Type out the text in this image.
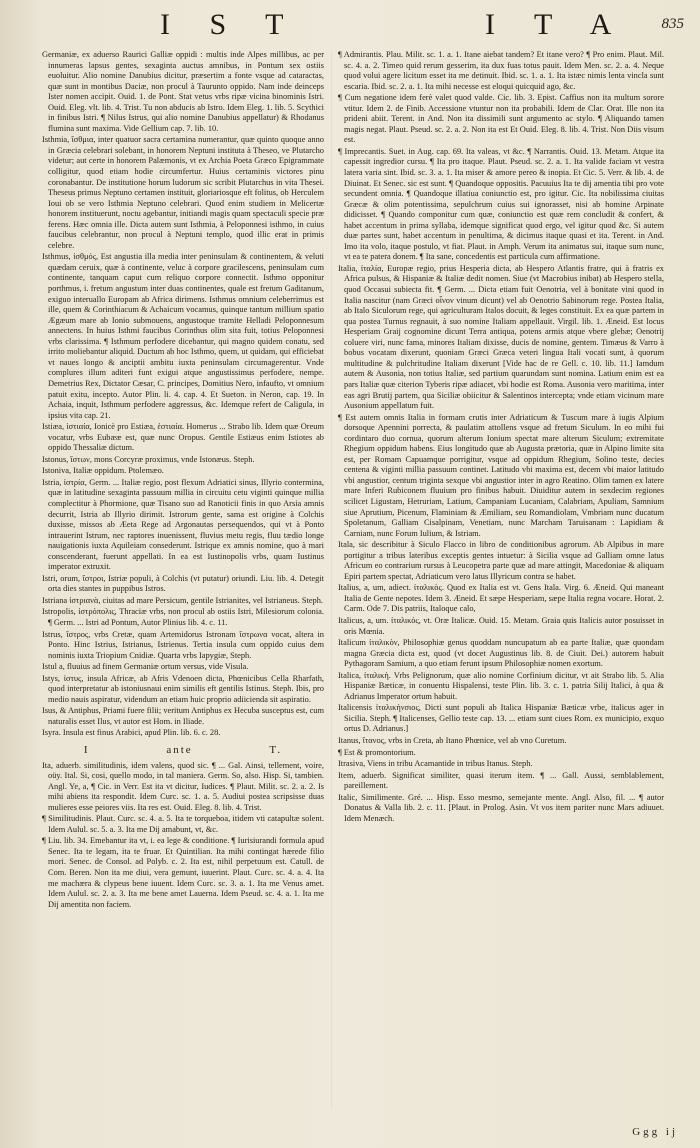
I S T	I T A 835

Germaniæ, ex aduerso Raurici Galliæ oppidi : multis inde Alpes millibus, ac per innumeras lapsus gentes, sexaginta auctus amnibus, in Pontum sex ostiis euoluitur. Alio nomine Danubius dicitur, præsertim a fonte vsque ad cataractas, quæ sunt in montibus Daciæ, non procul à Taurunto oppido. Nam inde deinceps Ister nomen accipit. Ouid. 1. de Pont. Stat vetus vrbs ripæ vicina binominis Istri. Ouid. Eleg. vlt. lib. 4. Trist. Tu non abducis ab Istro. Idem Eleg. 1. lib. 5. Scythici in finibus Istri. ¶ Nilus Istrus, qui alio nomine Danubius appellatur) & Rhodanus flumina sunt maxima. Vide Gellium cap. 7. lib. 10.

Isthmia, ἴσθμια, inter quatuor sacra certamina numerantur, quæ quinto quoque anno in Græcia celebrari solebant, in honorem Neptuni instituta à Theseo, ve Plutarcho videtur; aut certe in honorem Palæmonis, vt ex Archia Poeta Græco Epigrammate colligitur, quod etiam hodie circumfertur. Huius certaminis victores pinu coronabantur. De institutione horum ludorum sic scribit Plutarchus in vita Thesei. Theseus primus Neptuno certamen instituit, gloriariosque eft folitus, ob Herculem Ioui ob se vero Isthmia Neptuno celebrari. Quod enim studiem in Melicertæ honorem instituerunt, noctu agebantur, initiandi magis quam spectaculi specie præ ferens. Hæc omnia ille. Dicta autem sunt Isthmia, à Peloponnesi isthmo, in cuius faucibus celebrantur, non procul à Neptuni templo, quod illic erat in primis celebre.

Isthmus, ἰσθμός, Est angustia illa media inter peninsulam & continentem, & veluti quædam ceruix, quæ à continente, veluc à corpore gracilescens, peninsulam cum continente, tanquam caput cum reliquo corpore connectit. Isthmo opponitur porthmus, i. fretum angustum inter duas continentes, quale est fretum Gaditanum, exiguo interuallo Europam ab Africa dirimens. Isthmus omnium celeberrimus est ille, quem & Corinthiacum & Achaicum vocamus, quinque tantum millium spatio Ægæum mare ab Ionio submouens, angustoque tramite Helladi Peloponnesum annectens. In huius Isthmi faucibus Corinthus olim sita fuit, totius Peloponnesi vrbs clarissima. ¶ Isthmum perfodere dicebantur, qui magno quidem conatu, sed irrito moliebantur aliquid. Ductum ab hoc Isthmo, quem, ut quidam, qui efficiebat vt naues longo & anciptii ambitu iuxta peninsulam circumagerentur. Vnde complures illum aditeri funt exigui atque angustissimus perfodere, nempe. Demetrius Rex, Dictator Cæsar, C. principes, Domitius Nero, infaufto, vt omnium patuit exitu, incepto. Autor Plin. li. 4. cap. 4. Et Sueton. in Neron, cap. 19. In Achaia, inquit, Isthmum perfodere aggressus, &c. Idemque refert de Caligula, in ipsius vita cap. 21.

Istiæa, ἱστιαία, Ionicè pro Estiæa, ἑστιαία. Homerus ... Strabo lib. Idem quæ Oreum vocatur, vrbs Eubææ est, quæ nunc Oropus. Gentile Estiæus enim Istiotes ab oppido Thessaliæ dictum.

Istonus, ἴστων, mons Corcyræ proximus, vnde Istonæus. Steph.

Istoniva, Italiæ oppidum. Ptolemæo.

Istria, ἰστρία, Germ. ... Italiæ regio, post flexum Adriatici sinus, Illyrio contermina, quæ in latitudine sexaginta passuum millia in circuitu cetu viginti quinque millia complectitur à Phormione, quæ Tisano suo ad Ranoticii finis in quo Arsia amnis decurrit, Istria ab Illyrio dirimit. Istrorum gente, sama est origine à Colchis duxisse, missos ab Æeta Rege ad Argonautas persequendos, qui vt à Ponto intrauerint Istrum, nec raptores inuenissent, fluvius metu regis, fluu tædio longe nauigationis iuxta Aquileiam consederunt. Istrique ex amnis nomine, quo à mari conscenderant, fuerunt appellati. In ea est Iustinopolis vrbs, quam Iustinus imperator extruxit.

Istri, orum, ἴστροι, Istriæ populi, à Colchis (vt putatur) oriundi. Liu. lib. 4. Detegit orta dies stantes in puppibus Istros.

Istriana ἰστριανὰ, ciuitas ad mare Persicum, gentile Istrianites, vel Istrianeus. Steph.

Istropolis, ἰστρόπολις, Thraciæ vrbs, non procul ab ostiis Istri, Milesiorum colonia. ¶ Germ. ... Istri ad Pontum, Autor Plinius lib. 4. c. 11.

Istrus, ἴστρος, vrbs Cretæ, quam Artemidorus Istronam ἴστρωνα vocat, altera in Ponto. Hinc Istrius, Istrianus, Istrienus. Tertia insula cum oppido cuius dem nominis iuxta Triopium Cnidiæ. Quarta vrbs Iapygiæ, Steph.

Istul a, fluuius ad finem Germaniæ ortum versus, vide Visula.

Istys, ἰστυς, insula Africæ, ab Afris Vdenoen dicta, Phœnicibus Cella Rharfath, quod interpretatur ab istoniusnaui enim similis eft gentilis Istinus. Steph. Ibis, pro medio nauis aspiratur, videndum an etiam huic proprio adiicienda sit aspiratio.

Isus, & Antiphus, Priami fuere filii; veritum Antiphus ex Hecuba susceptus est, cum naturalis esset Ilus, vt autor est Hom. in Iliade.

Isyra. Insula est finus Arabici, apud Plin. lib. 6. c. 28.

I	ante	T.

Ita, aduerb. similitudinis, idem valens, quod sic. ¶ ... Gal. Ainsi, tellement, voire, oüy. Ital. Si, cosi, quello modo, in tal maniera. Germ. So, also. Hisp. Si, tambien. Angl. Ye, a, ¶ Cic. in Verr. Est ita vt dicitur, Iudices. ¶ Plaut. Milit. sc. 2. a. 2. Is mihi abiens ita respondit. Idem Curc. sc. 1. a. 5. Audiui postea scripsisse duas mulieres esse peiores viis. Ita res est. Ouid. Eleg. 8. lib. 4. Trist.

¶ Similitudinis. Plaut. Curc. sc. 4. a. 5. Ita te torqueboa, itidem vti catapultæ solent. Idem Aulul. sc. 5. a. 3. Ita me Dij amabunt, vt, &c.

¶ Liu. lib. 34. Emebantur ita vt, i. ea lege & conditione. ¶ Iurisiurandi formula apud Senec. Ita te legam, ita te fruar. Et Quintilian. Ita mihi contingat hærede filio mori. Senec. de Consol. ad Polyb. c. 2. Ita est, nihil perpetuum est. Catull. de Com. Beren. Non ita me diui, vera gemunt, iuuerint. Plaut. Curc. sc. 4. a. 4. Ita me machæra & clypeus bene iuuent. Idem Curc. sc. 3. a. 1. Ita me Venus amet. Idem Aulul. sc. 2. a. 3. Ita me bene amet Lauerna. Idem Pseud. sc. 4. a. 1. Ita me Dij amentita non faciem.

¶ Admirantis. Plau. Milit. sc. 1. a. 1. Itane aiebat tandem? Et itane vero? ¶ Pro enim. Plaut. Mil. sc. 4. a. 2. Timeo quid rerum gesserim, ita dux fuas totus pauit. Idem Men. sc. 2. a. 4. Neque quod volui agere licitum esset ita me detinuit. Ibid. sc. 1. a. 1. Ita istæc nimis lenta vincla sunt escaria. Ibid. sc. 2. a. 1. Ita mihi necesse est eloqui quicquid ago, &c.

¶ Cum negatione idem ferè valet quod valde. Cic. lib. 3. Epist. Caffius non ita multum sorore vtitur. Idem 2. de Finib. Accessione vtuntur non ita probabili. Idem de Clar. Orat. Ille non ita prideni abiit. Terent. in And. Non ita dissimili sunt argumento ac stylo. ¶ Aliquando tamen magis negat. Plaut. Pseud. sc. 2. a. 2. Non ita est Et Ouid. Eleg. 8. lib. 4. Trist. Non Diis visum est.

¶ Imprecantis. Suet. in Aug. cap. 69. Ita valeas, vt &c. ¶ Narrantis. Ouid. 13. Metam. Atque ita capessit ingredior cursu. ¶ Ita pro itaque. Plaut. Pseud. sc. 2. a. 1. Ita valide faciam vt vestra latera varia sint. Ibid. sc. 3. a. 1. Ita miser & amore pereo & inopia. Et Cic. 5. Verr. & lib. 4. de Diuinat. Et Senec. sic est sunt. ¶ Quandoque oppositis. Pacuuius Ita te dij amentia tibi pro vote secundent omnia. ¶ Quandoque illatiua coniunctio est, pro igitur. Cic. Ita nobilissima ciuitas Græcæ & olim potentissima, sepulchrum cuius sui ignorasset, nisi ab homine Arpinate didicisset. ¶ Quando componitur cum quæ, coniunctio est quæ rem concludit & confert, & habet accentum in prima syllaba, idemque significat quod ergo, vel igitur quod &c. Si autem duæ partes sunt, habet accentum in penultima, & dicimus itaque quasi et ita. Terent. in And. Imo ita volo, itaque postulo, vt fiat. Plaut. in Amph. Verum ita animatus sui, itaque sum nunc, vt ea te patera donem. ¶ Ita sane, concedentis est particula cum affirmatione.

Italia, ἰταλία, Europæ regio, prius Hesperia dicta, ab Hespero Atlantis fratre, qui à fratris ex Africa pulsus, & Hispaniæ & Italiæ dedit nomen. Siue (vt Macrobius inibat) ab Hespero stella, quod Occasui subiecta fit. ¶ Germ. ... Dicta etiam fuit Oenotria, vel à bonitate vini quod in Italia nascitur (nam Græci οἶνον vinum dicunt) vel ab Oenotrio Sabinorum rege. Postea Italia, ab Italo Siculorum rege, qui agriculturam Italos docuit, & leges constituit. Ex ea quæ partem in qua postea Turnus regnauit, à suo nomine Italiam appellauit. Virgil. lib. 1. Æneid. Est locus Hesperiam Graij cognomine dicunt Terra antiqua, potens armis atque vbere glebæ; Oenotrij coluere viri, nunc fama, minores Italiam dixisse, ducis de nomine, gentem. Timæus & Varro à bobus vocatam dixerunt, quoniam Græci Græca veteri lingua Itali vocati sunt, à quorum multitudine & pulchritudine Italiam dixerunt [Vide hac de re Gell. c. 10. lib. 11.] Iamdum autem & Ausonia, non totius Italiæ, sed partium quarundam sunt nomina. Latium enim est ea pars Italiæ quæ citerion Tyberis ripæ adiacet, vbi hodie est Roma. Ausonia vero maritima, inter eas agri Brutij partem, qua Siciliæ obiicitur & Salentinos intercepta; vnde etiam vicinum mare Ausonium appellatum fuit.

¶ Est autem omnis Italia in formam crutis inter Adriaticum & Tuscum mare à iugis Alpium dorsoque Apennini porrecta, & paulatim attollens vsque ad fretum Siculum. In eo mihi fui cordintaro duo cornua, quorum alterum Ionium spectat mare alterum Siculum; extremitate Rhegium oppidum habens. Eius longitudo quæ ab Augusta prætoria, quæ in Alpino limite sita est, per Romam Capuamque porrigitur, vsque ad oppidum Rhegium, Solino teste, decies centena & viginti millia passuum continet. Latitudo vbi maxima est, decem vbi maior latitudo vbi angustior, centum triginta sexque vbi angustior inter in agro Reatino. Olim tamen ex latere mare Inferi Rubiconem fluuium pro finibus habuit. Diuiditur autem in sexdecim regiones scilicet Ligustam, Hetruriam, Latium, Campaniam Lucaniam, Calabriam, Apuliam, Samnium siue Aprutium, Picenum, Flaminiam & Æmiliam, seu Romandiolam, Vmbriam nunc ducatum Spoletanum, Galliam Cisalpinam, Venetiam, nunc Marcham Taruisanam : Lapidiam & Carniam, nunc Forum Iulium, & Istriam.

Itala, sic describitur à Siculo Flacco in libro de conditionibus agrorum. Ab Alpibus in mare portigitur a tribus lateribus exceptis gentes intuetur: à Sicilia vsque ad Galliam omne latus Africum eo contrarium rursus à Leucopetra parte quæ ad mare attingit, Macedoniae & aliquam Epiri partem spectat, Adriaticum vero latus Illyricum contra se habet.

Italius, a, um, adiect. ἰταλικὸς. Quod ex Italia est vt. Gens Itala. Virg. 6. Æneid. Qui maneant Italia de Gente nepotes. Idem 3. Æneid. Et sæpe Hesperiam, sæpe Italia regna vocare. Horat. 2. Carm. Ode 7. Dis patriis, Italoque calo,

Italicus, a, um. ἰταλικός, vt. Oræ Italicæ. Ouid. 15. Metam. Graia quis Italicis autor posuisset in oris Mœnia.

Italicum ἰταλικὸν, Philosophiæ genus quoddam nuncupatum ab ea parte Italiæ, quæ quondam magna Græcia dicta est, quod (vt docet Augustinus lib. 8. de Ciuit. Dei.) autorem habuit Pythagoram Samium, a quo etiam ferunt ipsum Philosophiæ nomen exortum.

Italica, ἰταλικὴ. Vrbs Pelignorum, quæ alio nomine Corfinium dicitur, vt ait Strabo lib. 5. Alia Hispaniæ Bæticæ, in conuentu Hispalensi, teste Plin. lib. 3. c. 1. patria Silij Italici, à qua & Adrianus Imperator ortum habuit.

Italicensis ἰταλικήνσιος, Dicti sunt populi ab Italica Hispaniæ Bæticæ vrbe, italicus ager in Sicilia. Steph. ¶ Italicenses, Gellio teste cap. 13. ... etiam sunt ciues Rom. ex municipio, exquo ortus D. Adrianus.]

Itanus, ἴτανος, vrbs in Creta, ab Itano Phœnice, vel ab vno Curetum.

¶ Est & promontorium.

Itrasiva, Viens in tribu Acamantide in tribus Itanus. Steph.

Item, aduerb. Significat similiter, quasi iterum item. ¶ ... Gall. Aussi, semblablement, pareillement.

Italic, Similimente. Gré. ... Hisp. Esso mesmo, semejante mente. Angl. Also, fil. ... ¶ autor Donatus & Valla lib. 2. c. 11. [Plaut. in Prolog. Asin. Vt vos item pariter nunc Mars adiuuet. Idem Menæch.

Ggg ij
